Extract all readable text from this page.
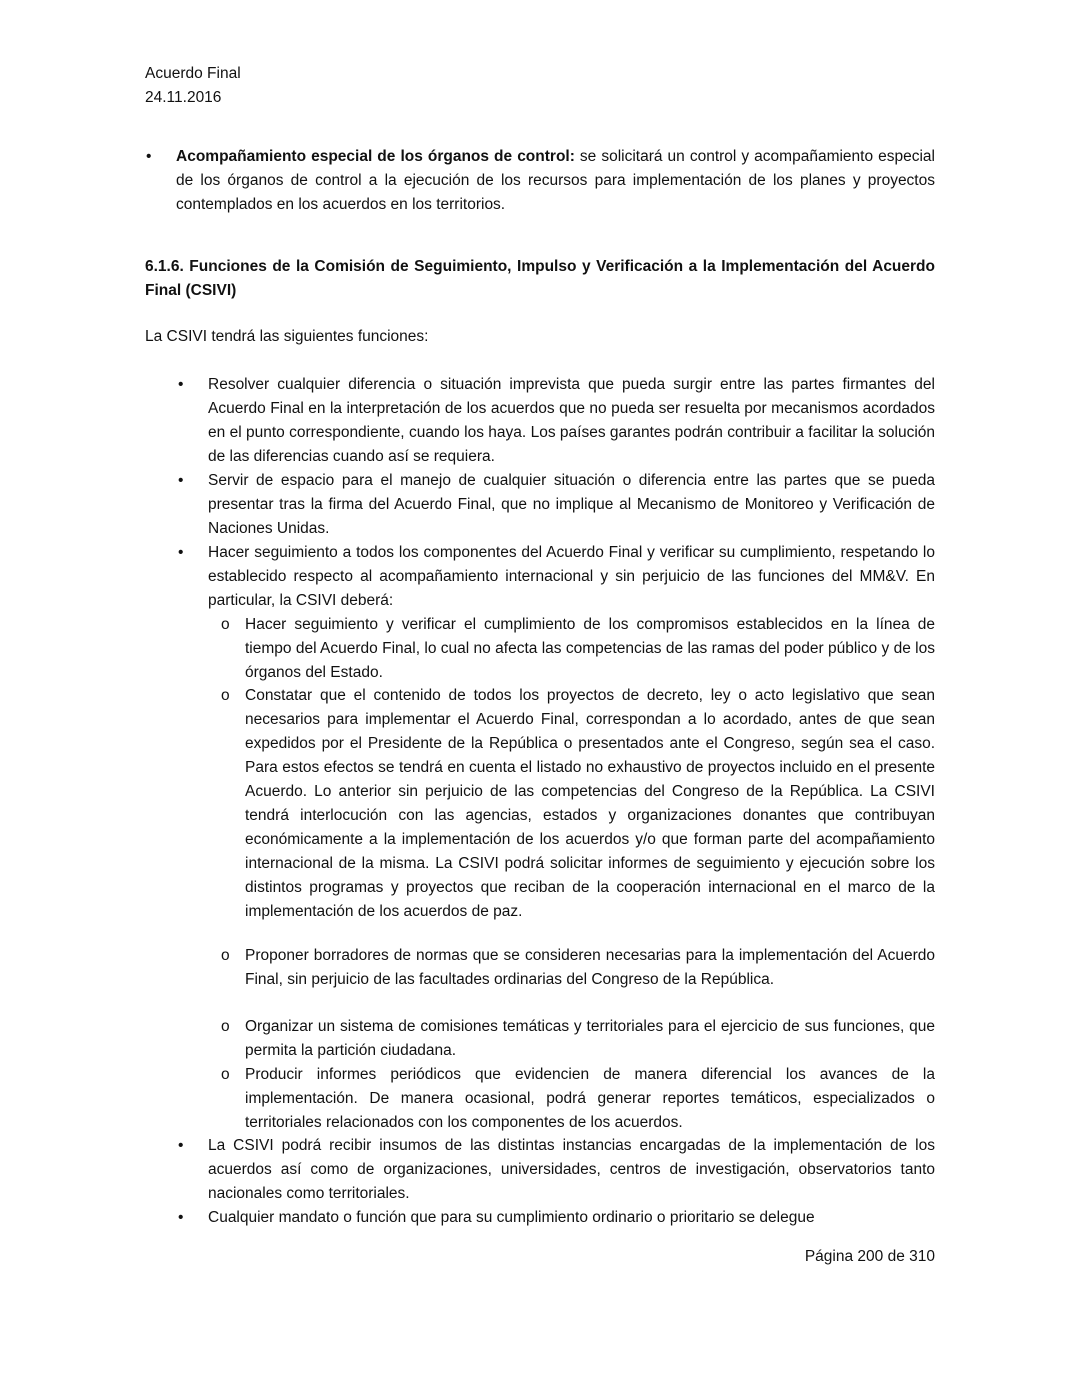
Acuerdo Final
24.11.2016
• Acompañamiento especial de los órganos de control: se solicitará un control y acompañamiento especial de los órganos de control a la ejecución de los recursos para implementación de los planes y proyectos contemplados en los acuerdos en los territorios.
6.1.6. Funciones de la Comisión de Seguimiento, Impulso y Verificación a la Implementación del Acuerdo Final (CSIVI)
La CSIVI tendrá las siguientes funciones:
• Resolver cualquier diferencia o situación imprevista que pueda surgir entre las partes firmantes del Acuerdo Final en la interpretación de los acuerdos que no pueda ser resuelta por mecanismos acordados en el punto correspondiente, cuando los haya. Los países garantes podrán contribuir a facilitar la solución de las diferencias cuando así se requiera.
• Servir de espacio para el manejo de cualquier situación o diferencia entre las partes que se pueda presentar tras la firma del Acuerdo Final, que no implique al Mecanismo de Monitoreo y Verificación de Naciones Unidas.
• Hacer seguimiento a todos los componentes del Acuerdo Final y verificar su cumplimiento, respetando lo establecido respecto al acompañamiento internacional y sin perjuicio de las funciones del MM&V. En particular, la CSIVI deberá:
o Hacer seguimiento y verificar el cumplimiento de los compromisos establecidos en la línea de tiempo del Acuerdo Final, lo cual no afecta las competencias de las ramas del poder público y de los órganos del Estado.
o Constatar que el contenido de todos los proyectos de decreto, ley o acto legislativo que sean necesarios para implementar el Acuerdo Final, correspondan a lo acordado, antes de que sean expedidos por el Presidente de la República o presentados ante el Congreso, según sea el caso. Para estos efectos se tendrá en cuenta el listado no exhaustivo de proyectos incluido en el presente Acuerdo. Lo anterior sin perjuicio de las competencias del Congreso de la República. La CSIVI tendrá interlocución con las agencias, estados y organizaciones donantes que contribuyan económicamente a la implementación de los acuerdos y/o que forman parte del acompañamiento internacional de la misma. La CSIVI podrá solicitar informes de seguimiento y ejecución sobre los distintos programas y proyectos que reciban de la cooperación internacional en el marco de la implementación de los acuerdos de paz.
o Proponer borradores de normas que se consideren necesarias para la implementación del Acuerdo Final, sin perjuicio de las facultades ordinarias del Congreso de la República.
o Organizar un sistema de comisiones temáticas y territoriales para el ejercicio de sus funciones, que permita la partición ciudadana.
o Producir informes periódicos que evidencien de manera diferencial los avances de la implementación. De manera ocasional, podrá generar reportes temáticos, especializados o territoriales relacionados con los componentes de los acuerdos.
• La CSIVI podrá recibir insumos de las distintas instancias encargadas de la implementación de los acuerdos así como de organizaciones, universidades, centros de investigación, observatorios tanto nacionales como territoriales.
• Cualquier mandato o función que para su cumplimiento ordinario o prioritario se delegue
Página 200 de 310
